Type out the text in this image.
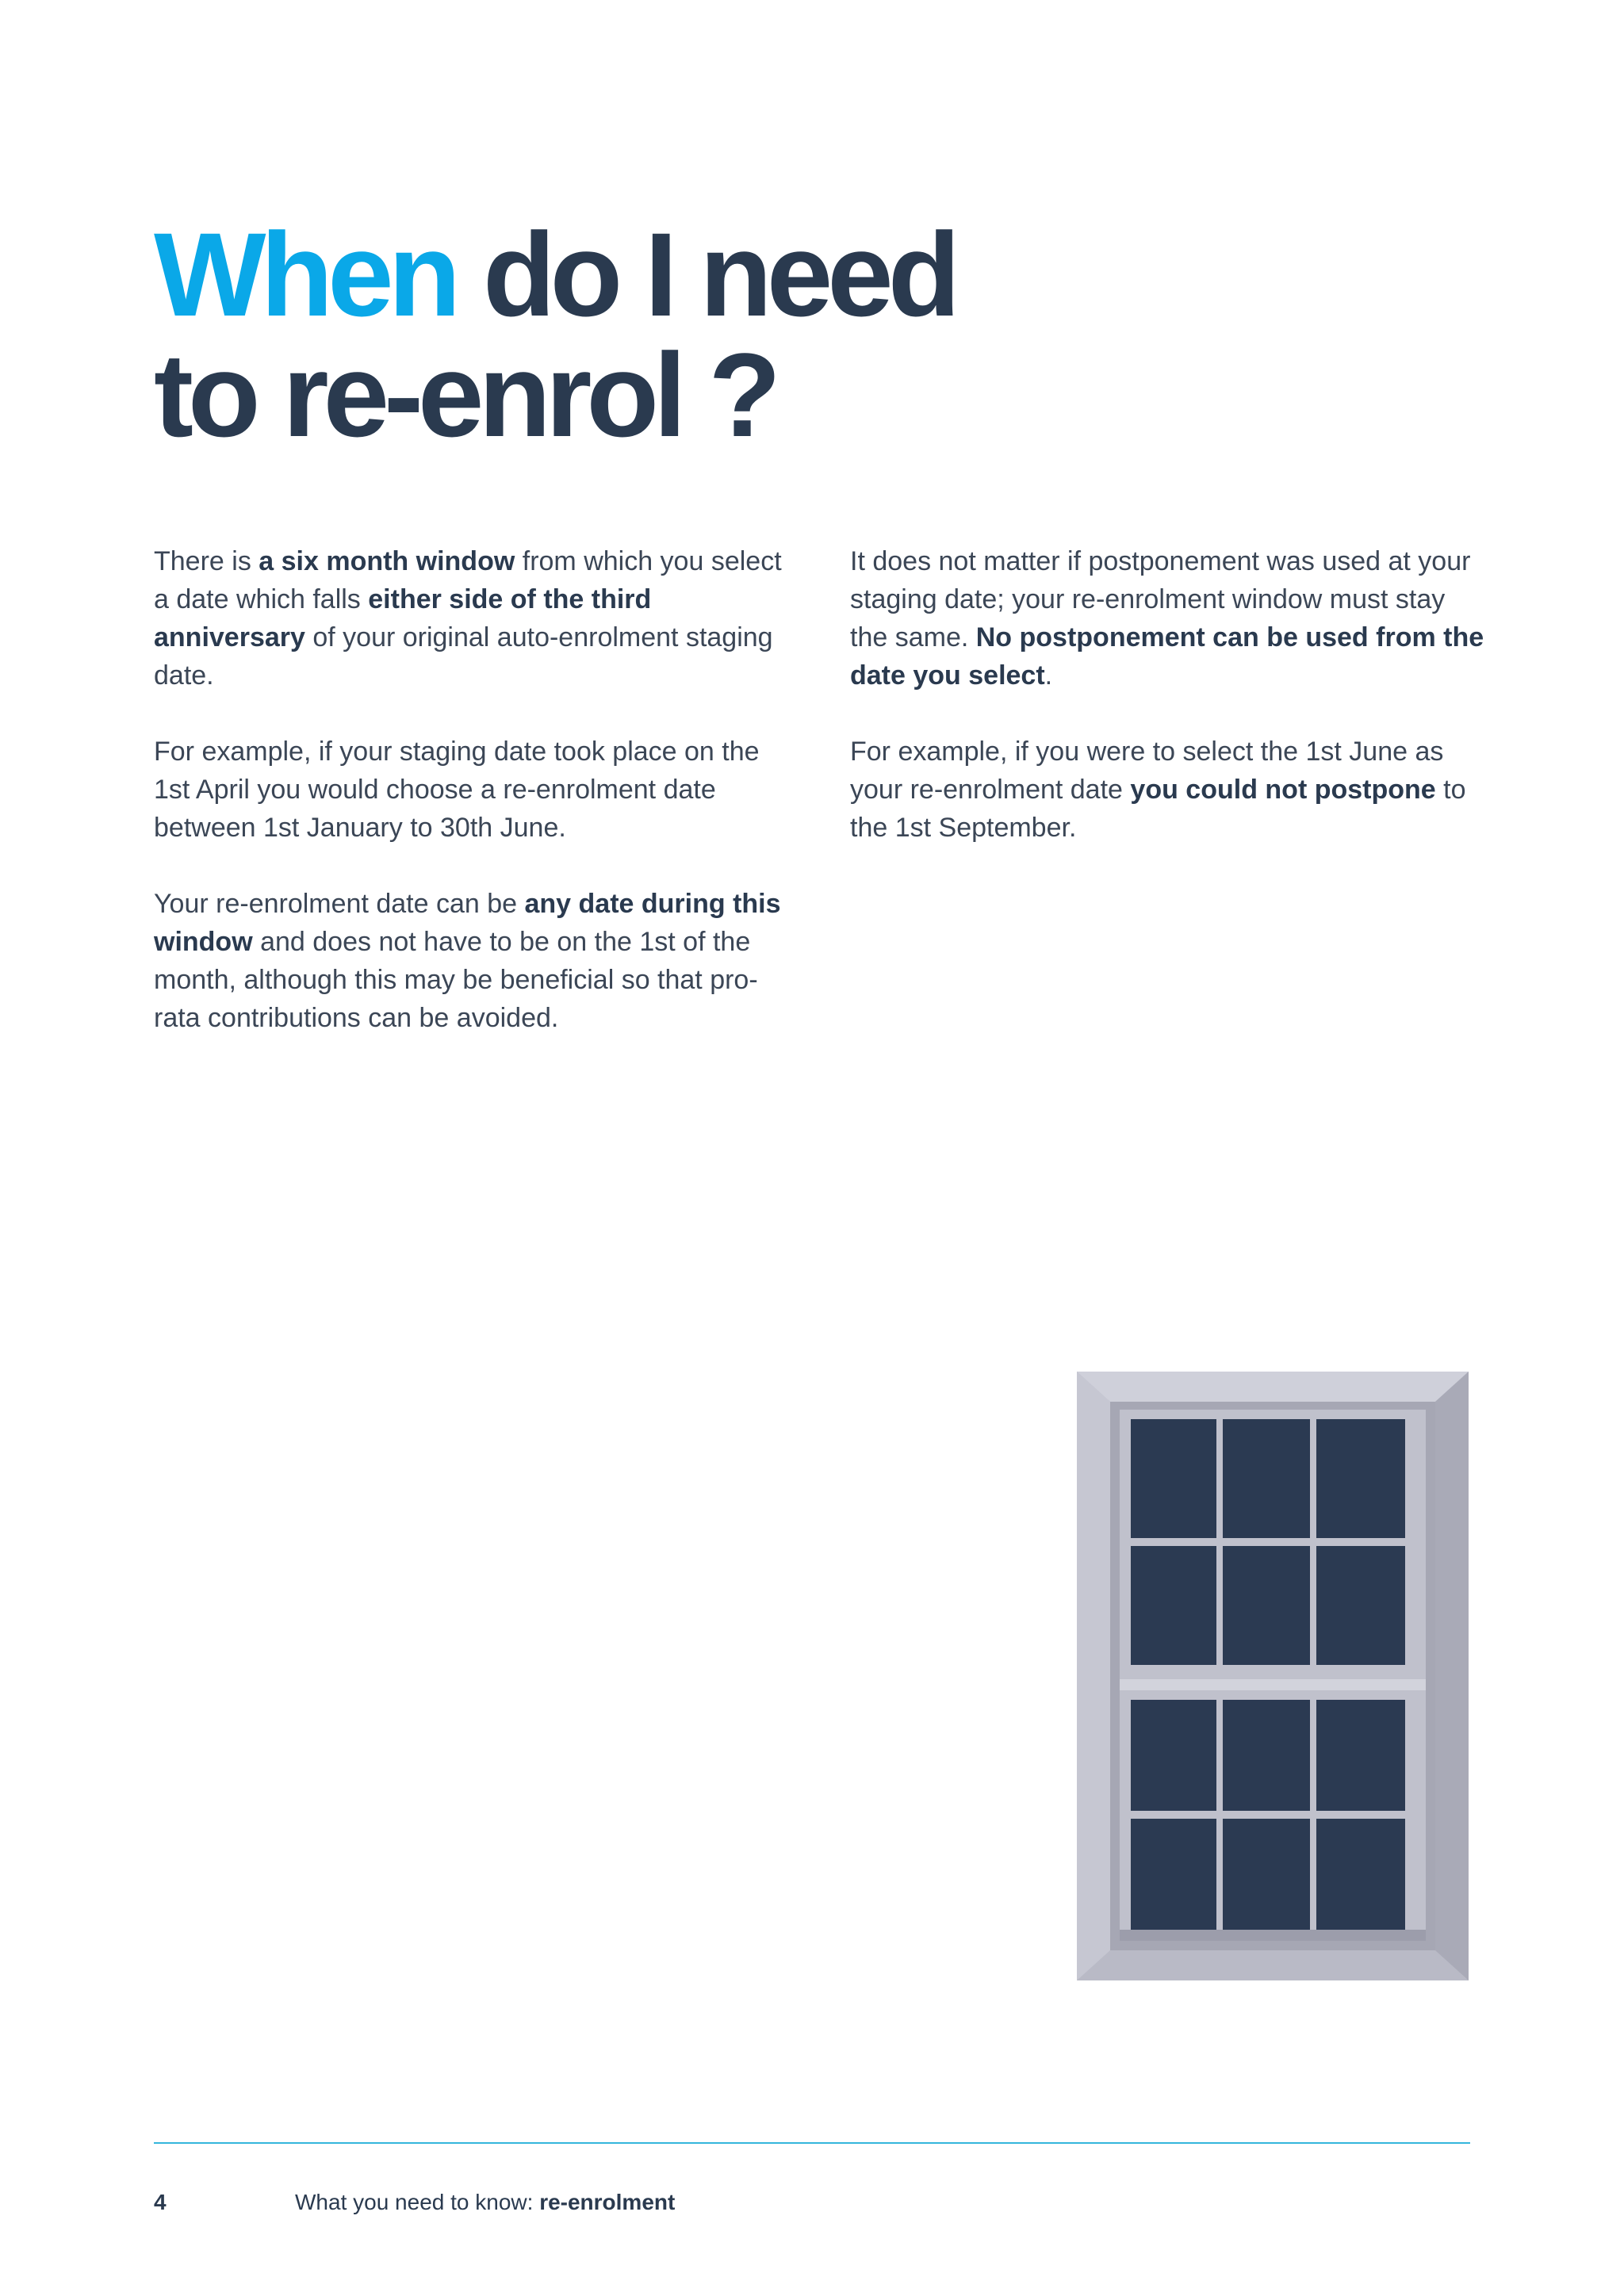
When do I need
to re-enrol ?

There is a six month window from which you select a date which falls either side of the third anniversary of your original auto-enrolment staging date.

For example, if your staging date took place on the 1st April you would choose a re-enrolment date between 1st January to 30th June.

Your re-enrolment date can be any date during this window and does not have to be on the 1st of the month, although this may be beneficial so that pro-rata contributions can be avoided.

It does not matter if postponement was used at your staging date; your re-enrolment window must stay the same. No postponement can be used from the date you select.

For example, if you were to select the 1st June as your re-enrolment date you could not postpone to the 1st September.

4	What you need to know: re-enrolment
